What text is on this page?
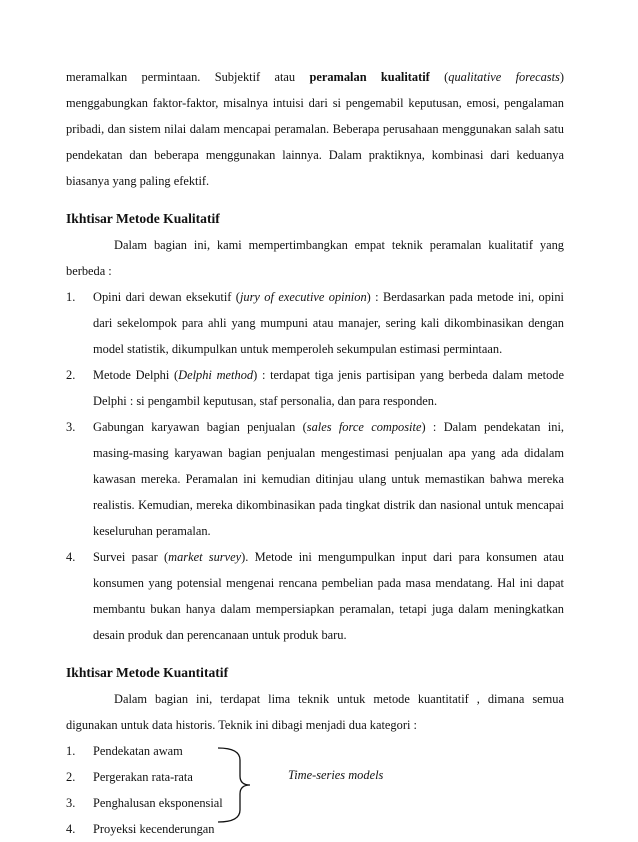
meramalkan permintaan. Subjektif atau peramalan kualitatif (qualitative forecasts) menggabungkan faktor-faktor, misalnya intuisi dari si pengemabil keputusan, emosi, pengalaman pribadi, dan sistem nilai dalam mencapai peramalan. Beberapa perusahaan menggunakan salah satu pendekatan dan beberapa menggunakan lainnya. Dalam praktiknya, kombinasi dari keduanya biasanya yang paling efektif.

Ikhtisar Metode Kualitatif

Dalam bagian ini, kami mempertimbangkan empat teknik peramalan kualitatif yang berbeda :

1. Opini dari dewan eksekutif (jury of executive opinion) : Berdasarkan pada metode ini, opini dari sekelompok para ahli yang mumpuni atau manajer, sering kali dikombinasikan dengan model statistik, dikumpulkan untuk memperoleh sekumpulan estimasi permintaan.
2. Metode Delphi (Delphi method) : terdapat tiga jenis partisipan yang berbeda dalam metode Delphi : si pengambil keputusan, staf personalia, dan para responden.
3. Gabungan karyawan bagian penjualan (sales force composite) : Dalam pendekatan ini, masing-masing karyawan bagian penjualan mengestimasi penjualan apa yang ada didalam kawasan mereka. Peramalan ini kemudian ditinjau ulang untuk memastikan bahwa mereka realistis. Kemudian, mereka dikombinasikan pada tingkat distrik dan nasional untuk mencapai keseluruhan peramalan.
4. Survei pasar (market survey). Metode ini mengumpulkan input dari para konsumen atau konsumen yang potensial mengenai rencana pembelian pada masa mendatang. Hal ini dapat membantu bukan hanya dalam mempersiapkan peramalan, tetapi juga dalam meningkatkan desain produk dan perencanaan untuk produk baru.
Ikhtisar Metode Kuantitatif

Dalam bagian ini, terdapat lima teknik untuk metode kuantitatif , dimana semua digunakan untuk data historis. Teknik ini dibagi menjadi dua kategori :

1. Pendekatan awam
2. Pergerakan rata-rata
3. Penghalusan eksponensial
4. Proyeksi kecenderungan
Time-series models
